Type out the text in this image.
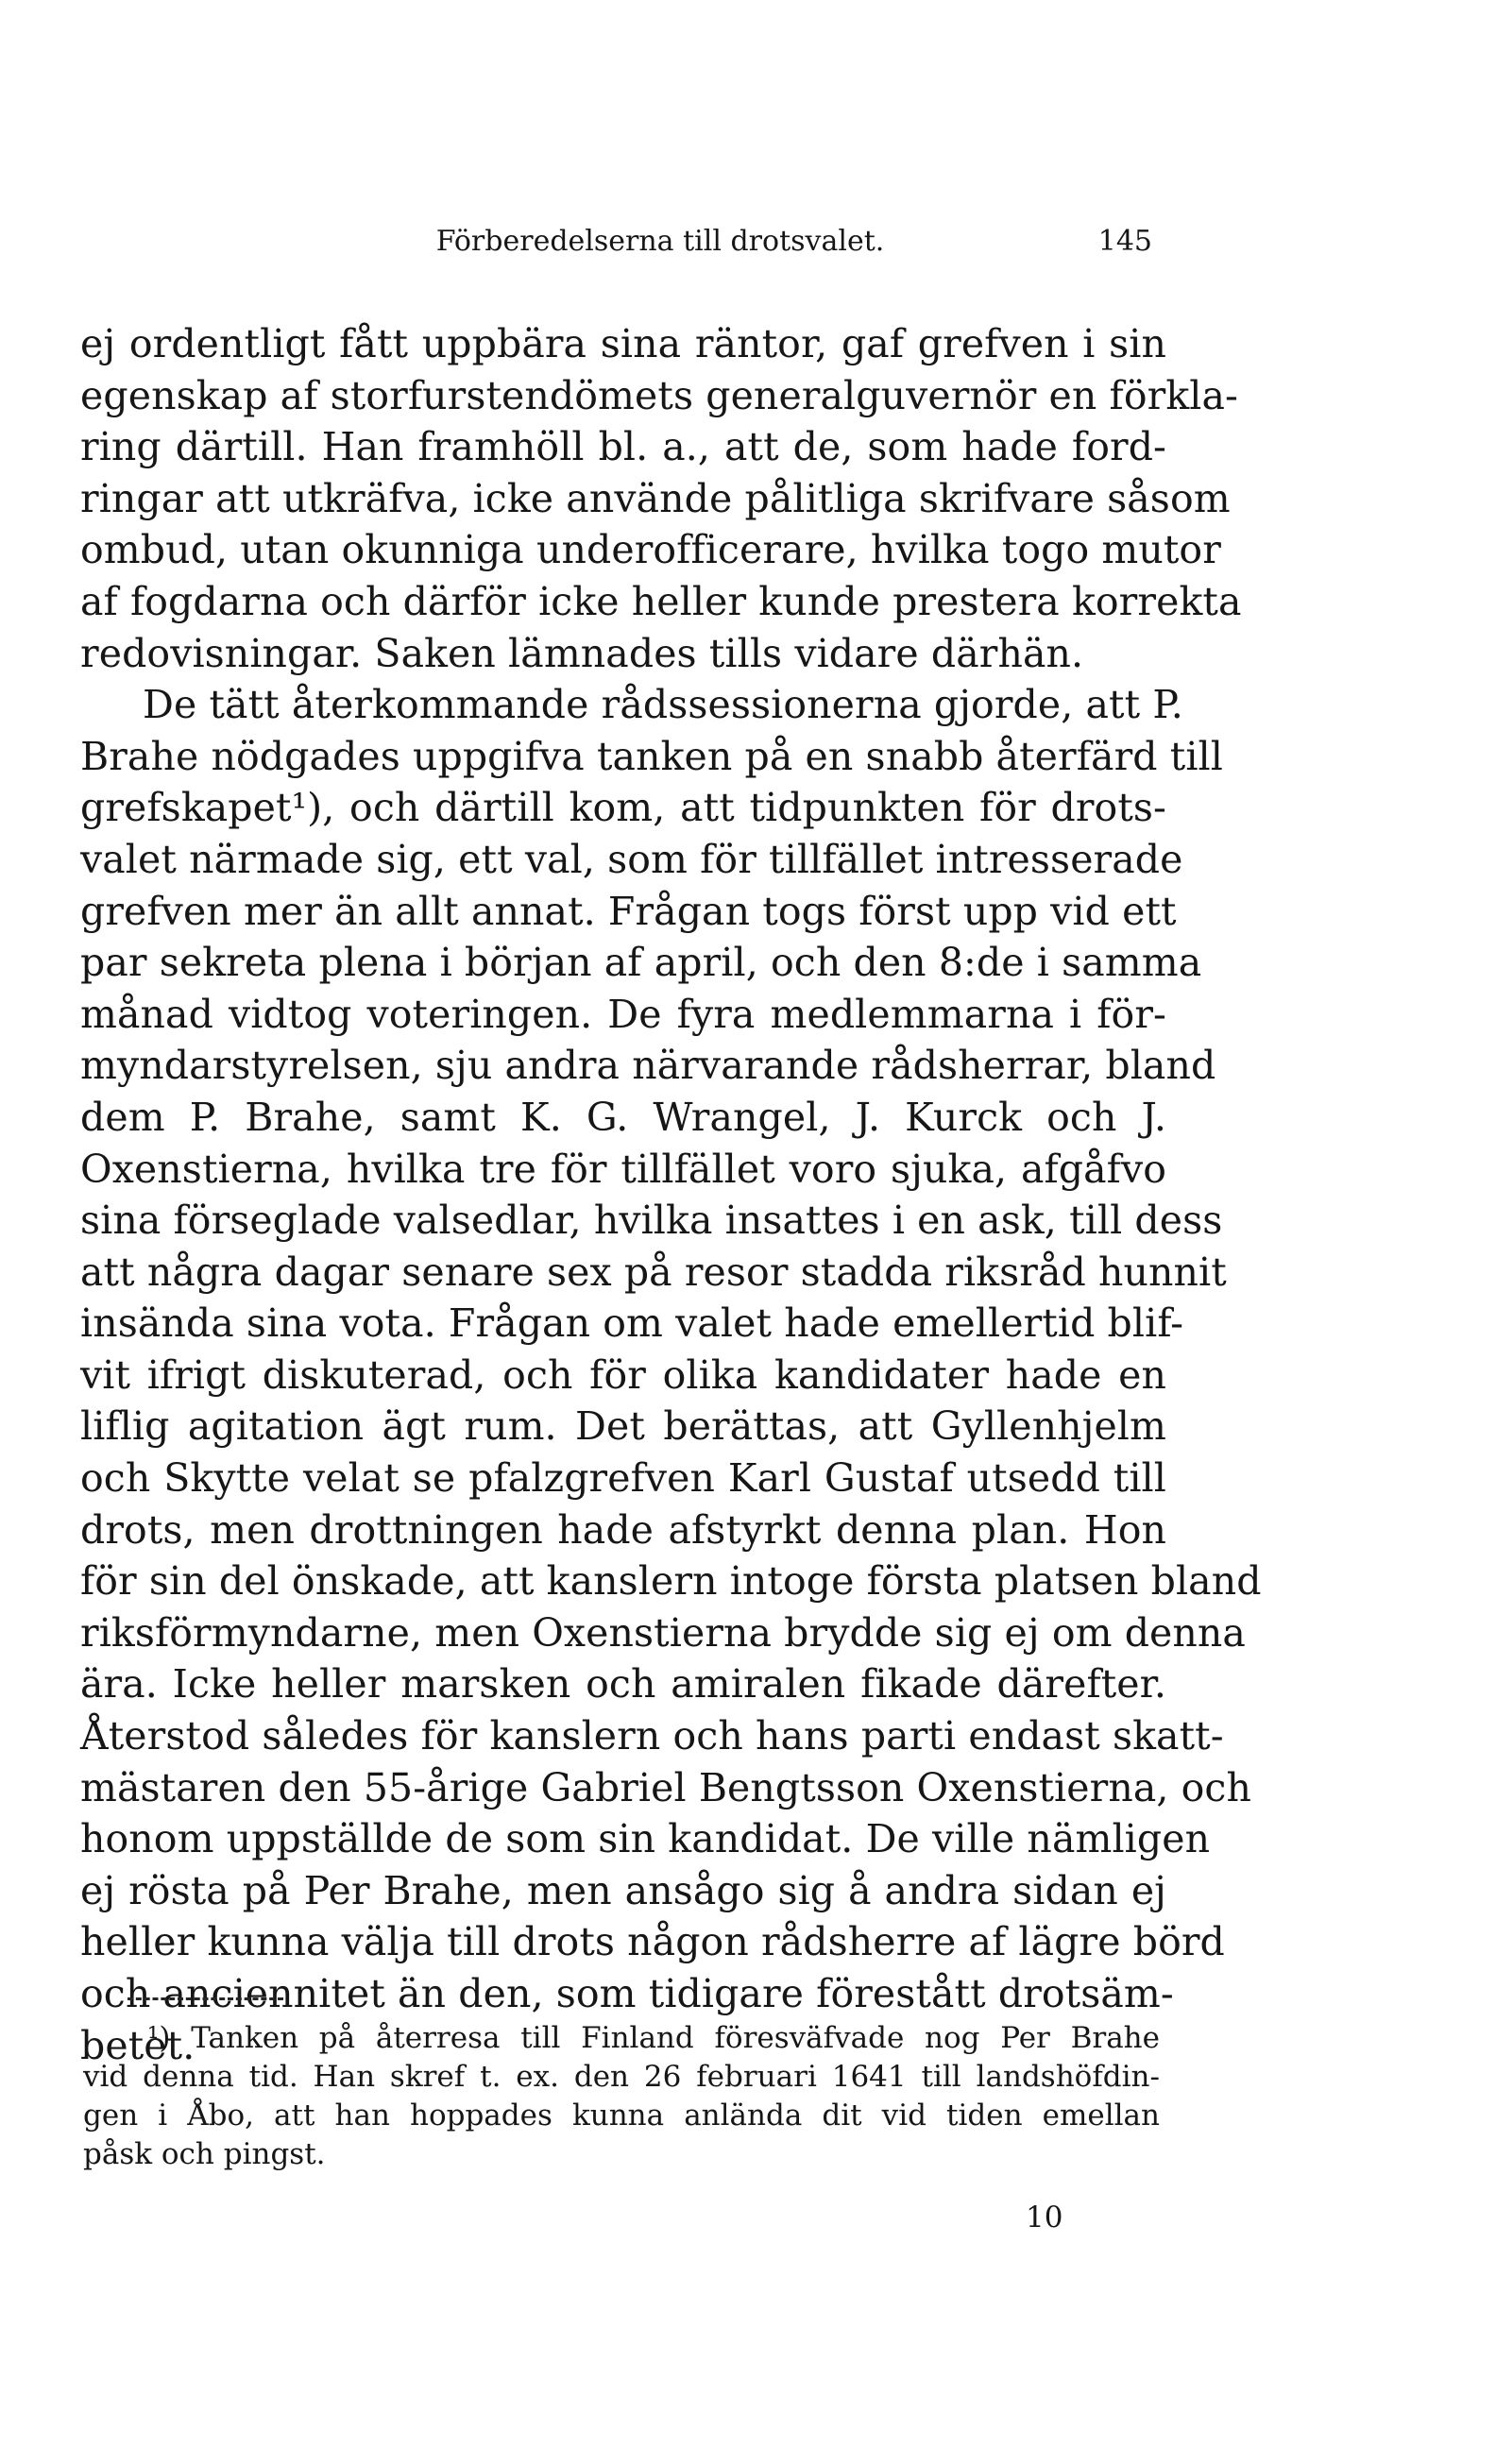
Förberedelserna till drotsvalet.	145
ej ordentligt fått uppbära sina räntor, gaf grefven i sin
egenskap af storfurstendömets generalguvernör en förkla-
ring därtill. Han framhöll bl. a., att de, som hade ford-
ringar att utkräfva, icke använde pålitliga skrifvare såsom
ombud, utan okunniga underofficerare, hvilka togo mutor
af fogdarna och därför icke heller kunde prestera korrekta
redovisningar. Saken lämnades tills vidare därhän.
De tätt återkommande rådssessionerna gjorde, att P.
Brahe nödgades uppgifva tanken på en snabb återfärd till
grefskapet¹), och därtill kom, att tidpunkten för drots-
valet närmade sig, ett val, som för tillfället intresserade
grefven mer än allt annat. Frågan togs först upp vid ett
par sekreta plena i början af april, och den 8:de i samma
månad vidtog voteringen. De fyra medlemmarna i för-
myndarstyrelsen, sju andra närvarande rådsherrar, bland
dem P. Brahe, samt K. G. Wrangel, J. Kurck och J.
Oxenstierna, hvilka tre för tillfället voro sjuka, afgåfvo
sina förseglade valsedlar, hvilka insattes i en ask, till dess
att några dagar senare sex på resor stadda riksråd hunnit
insända sina vota. Frågan om valet hade emellertid blif-
vit ifrigt diskuterad, och för olika kandidater hade en
liflig agitation ägt rum. Det berättas, att Gyllenhjelm
och Skytte velat se pfalzgrefven Karl Gustaf utsedd till
drots, men drottningen hade afstyrkt denna plan. Hon
för sin del önskade, att kanslern intoge första platsen bland
riksförmyndarne, men Oxenstierna brydde sig ej om denna
ära. Icke heller marsken och amiralen fikade därefter.
Återstod således för kanslern och hans parti endast skatt-
mästaren den 55-årige Gabriel Bengtsson Oxenstierna, och
honom uppställde de som sin kandidat. De ville nämligen
ej rösta på Per Brahe, men ansågo sig å andra sidan ej
heller kunna välja till drots någon rådsherre af lägre börd
och anciennitet än den, som tidigare förestått drotsäm-
betet.
¹) Tanken på återresa till Finland föresväfvade nog Per Brahe
vid denna tid. Han skref t. ex. den 26 februari 1641 till landshöfdin-
gen i Åbo, att han hoppades kunna anlända dit vid tiden emellan
påsk och pingst.
10
